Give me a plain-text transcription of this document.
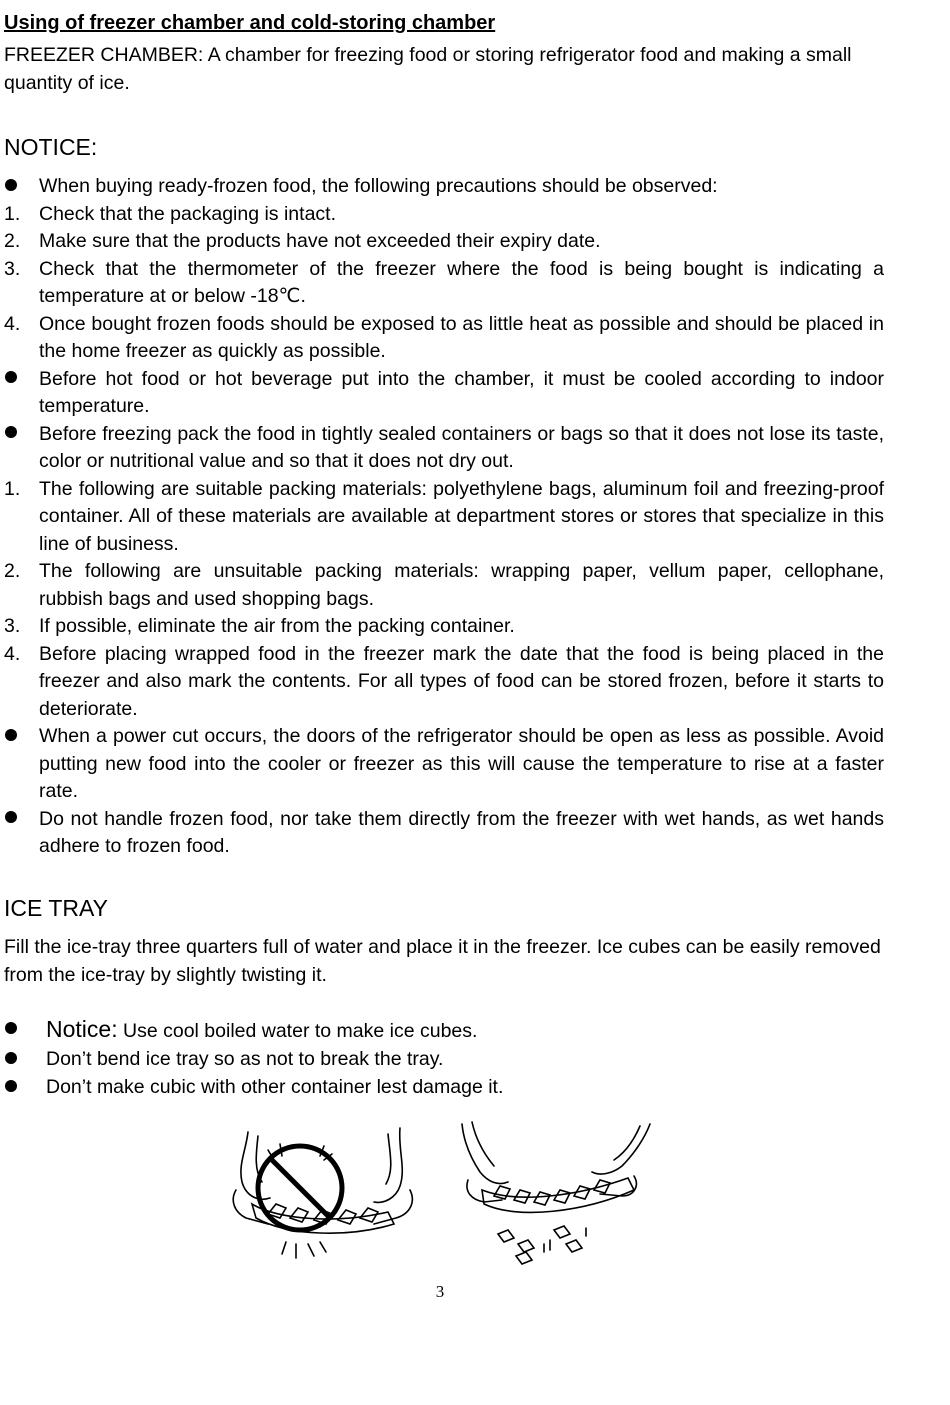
Using of freezer chamber and cold-storing chamber

FREEZER CHAMBER: A chamber for freezing food or storing refrigerator food and making a small quantity of ice.

NOTICE:
When buying ready-frozen food, the following precautions should be observed:
1. Check that the packaging is intact.
2. Make sure that the products have not exceeded their expiry date.
3. Check that the thermometer of the freezer where the food is being bought is indicating a temperature at or below -18℃.
4. Once bought frozen foods should be exposed to as little heat as possible and should be placed in the home freezer as quickly as possible.
Before hot food or hot beverage put into the chamber, it must be cooled according to indoor temperature.
Before freezing pack the food in tightly sealed containers or bags so that it does not lose its taste, color or nutritional value and so that it does not dry out.
1. The following are suitable packing materials: polyethylene bags, aluminum foil and freezing-proof container. All of these materials are available at department stores or stores that specialize in this line of business.
2. The following are unsuitable packing materials: wrapping paper, vellum paper, cellophane, rubbish bags and used shopping bags.
3. If possible, eliminate the air from the packing container.
4. Before placing wrapped food in the freezer mark the date that the food is being placed in the freezer and also mark the contents. For all types of food can be stored frozen, before it starts to deteriorate.
When a power cut occurs, the doors of the refrigerator should be open as less as possible. Avoid putting new food into the cooler or freezer as this will cause the temperature to rise at a faster rate.
Do not handle frozen food, nor take them directly from the freezer with wet hands, as wet hands adhere to frozen food.
ICE TRAY

Fill the ice-tray three quarters full of water and place it in the freezer. Ice cubes can be easily removed from the ice-tray by slightly twisting it.

Notice: Use cool boiled water to make ice cubes.
Don’t bend ice tray so as not to break the tray.
Don’t make cubic with other container lest damage it.
3
